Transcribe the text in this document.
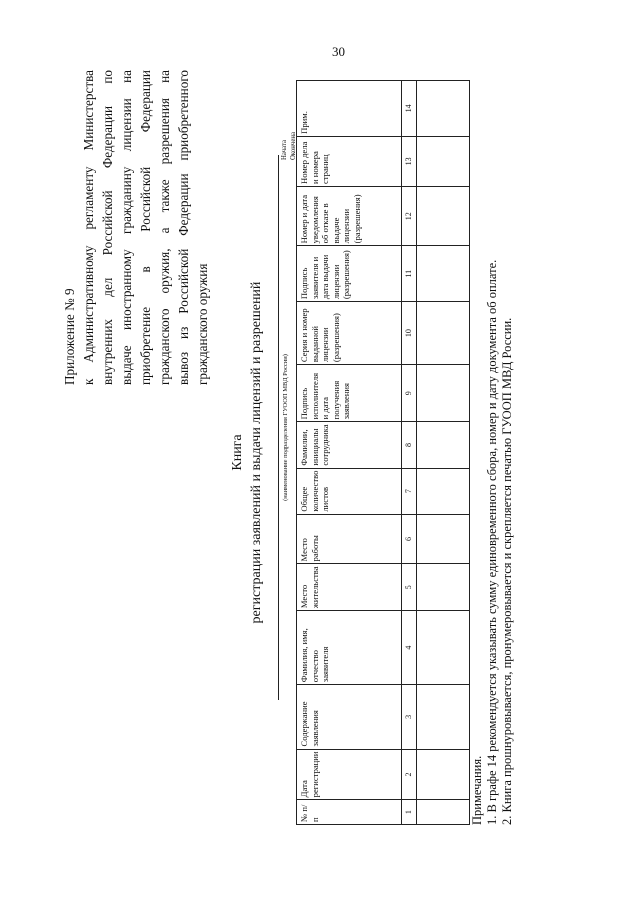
30
Приложение № 9 к Административному регламенту Министерства внутренних дел Российской Федерации по выдаче иностранному гражданину лицензии на приобретение в Российской Федерации гражданского оружия, а также разрешения на вывоз из Российской Федерации приобретенного гражданского оружия
Книга регистрации заявлений и выдачи лицензий и разрешений	(наименование подразделения ГУООП МВД России)
Начата Окончена
№ п/п	Дата регистрации	Содержание заявления	Фамилия, имя, отчество заявителя	Место жительства	Место работы	Общее количество листов	Фамилии, инициалы сотрудника	Подпись исполнителя и дата получения заявления	Серия и номер выданной лицензии (разрешения)	Подпись заявителя и дата выдачи лицензии (разрешения)	Номер и дата уведомления об отказе в выдаче лицензии (разрешения)	Номер дела и номера страниц	Прим.
1	2	3	4	5	6	7	8	9	10	11	12	13	14

Примечания. 1. В графе 14 рекомендуется указывать сумму единовременного сбора, номер и дату документа об оплате. 2. Книга прошнуровывается, пронумеровывается и скрепляется печатью ГУООП МВД России.
